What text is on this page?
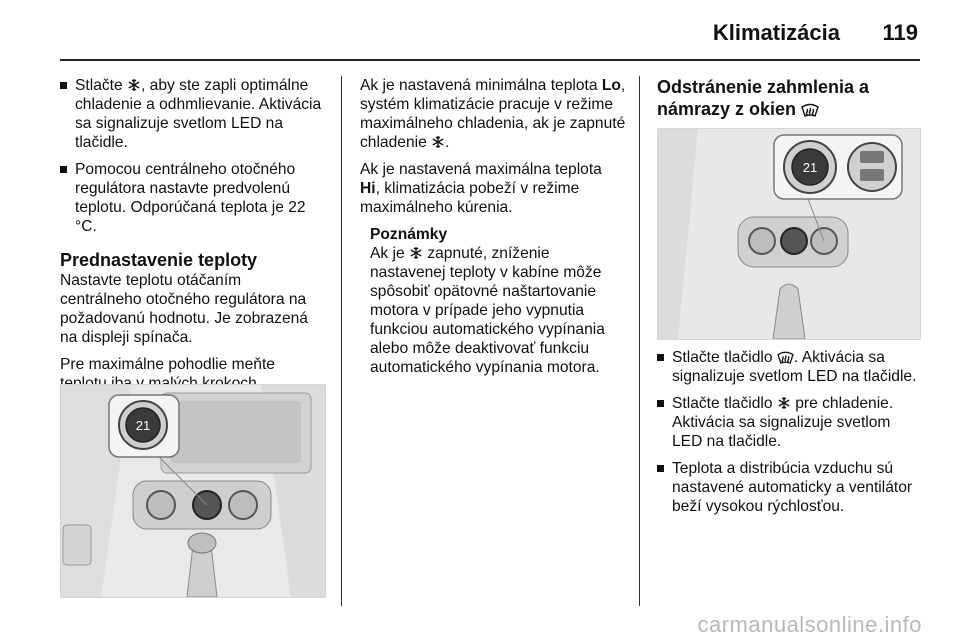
Klimatizácia 119
Stlačte , aby ste zapli optimálne chladenie a odhmlievanie. Aktivácia sa signalizuje svetlom LED na tlačidle.
Pomocou centrálneho otočného regulátora nastavte predvolenú teplotu. Odporúčaná teplota je 22 °C.
Prednastavenie teploty

Nastavte teplotu otáčaním centrálneho otočného regulátora na požadovanú hodnotu. Je zobrazená na displeji spínača.

Pre maximálne pohodlie meňte

21

Ak je nastavená minimálna teplota Lo, systém klimatizácie pracuje v režime maximálneho chladenia, ak je zapnuté chladenie .

Ak je nastavená maximálna teplota Hi, klimatizácia pobeží v režime maximálneho kúrenia.

Poznámky
Ak je  zapnuté, zníženie nastavenej teploty v kabíne môže spôsobiť opätovné naštartovanie motora v prípade jeho vypnutia funkciou automatického vypínania alebo môže deaktivovať funkciu automatického vypínania motora.
Odstránenie zahmlenia a námrazy z okien
21
Stlačte tlačidlo . Aktivácia sa signalizuje svetlom LED na tlačidle.
Stlačte tlačidlo  pre chladenie. Aktivácia sa signalizuje svetlom LED na tlačidle.
Teplota a distribúcia vzduchu sú nastavené automaticky a ventilátor beží vysokou rýchlosťou.
carmanualsonline.info
